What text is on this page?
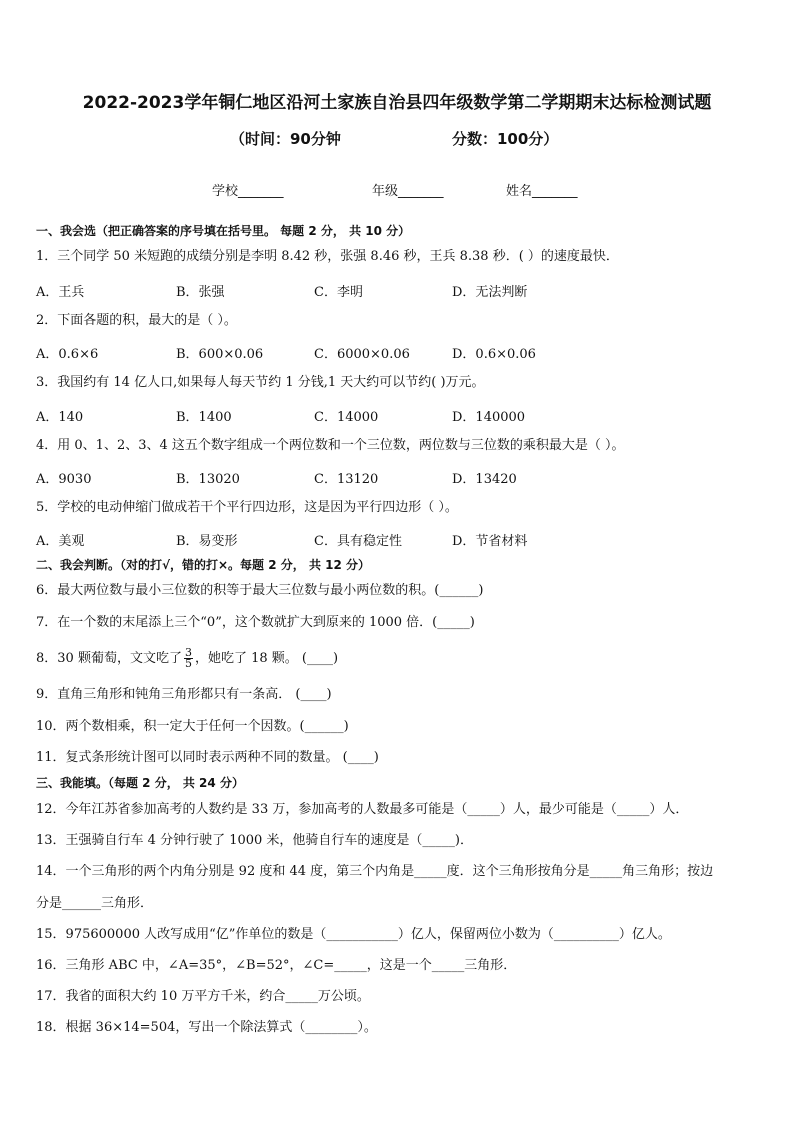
2022-2023学年铜仁地区沿河土家族自治县四年级数学第二学期期末达标检测试题
（时间：90分钟	分数：100分）
学校_______	年级_______	姓名_______
一、我会选（把正确答案的序号填在括号里。 每题 2 分， 共 10 分）
1．三个同学 50 米短跑的成绩分别是李明 8.42 秒，张强 8.46 秒，王兵 8.38 秒．( ）的速度最快．
A．王兵	B．张强	C．李明	D．无法判断
2．下面各题的积，最大的是（ ）。
A．0.6×6	B．600×0.06	C．6000×0.06	D．0.6×0.06
3．我国约有 14 亿人口,如果每人每天节约 1 分钱,1 天大约可以节约( )万元。
A．140	B．1400	C．14000	D．140000
4．用 0、1、2、3、4 这五个数字组成一个两位数和一个三位数，两位数与三位数的乘积最大是（ ）。
A．9030	B．13020	C．13120	D．13420
5．学校的电动伸缩门做成若干个平行四边形，这是因为平行四边形（ ）。
A．美观	B．易变形	C．具有稳定性	D．节省材料
二、我会判断。（对的打√，错的打×。每题 2 分， 共 12 分）
6．最大两位数与最小三位数的积等于最大三位数与最小两位数的积。(______)
7．在一个数的末尾添上三个“0”，这个数就扩大到原来的 1000 倍．(_____)
8．30 颗葡萄，文文吃了 $\frac{3}{5}$ ，她吃了 18 颗。 (____)
9．直角三角形和钝角三角形都只有一条高． (____)
10．两个数相乘，积一定大于任何一个因数。(______)
11．复式条形统计图可以同时表示两种不同的数量。 (____)
三、我能填。（每题 2 分， 共 24 分）
12．今年江苏省参加高考的人数约是 33 万，参加高考的人数最多可能是（_____）人，最少可能是（_____）人．
13．王强骑自行车 4 分钟行驶了 1000 米，他骑自行车的速度是（_____)．
14．一个三角形的两个内角分别是 92 度和 44 度，第三个内角是_____度．这个三角形按角分是_____角三角形；按边
分是______三角形．
15．975600000 人改写成用“亿”作单位的数是（___________）亿人，保留两位小数为（__________）亿人。
16．三角形 ABC 中，∠A=35°，∠B=52°，∠C=_____，这是一个_____三角形．
17．我省的面积大约 10 万平方千米，约合_____万公顷。
18．根据 36×14=504，写出一个除法算式（________）。
